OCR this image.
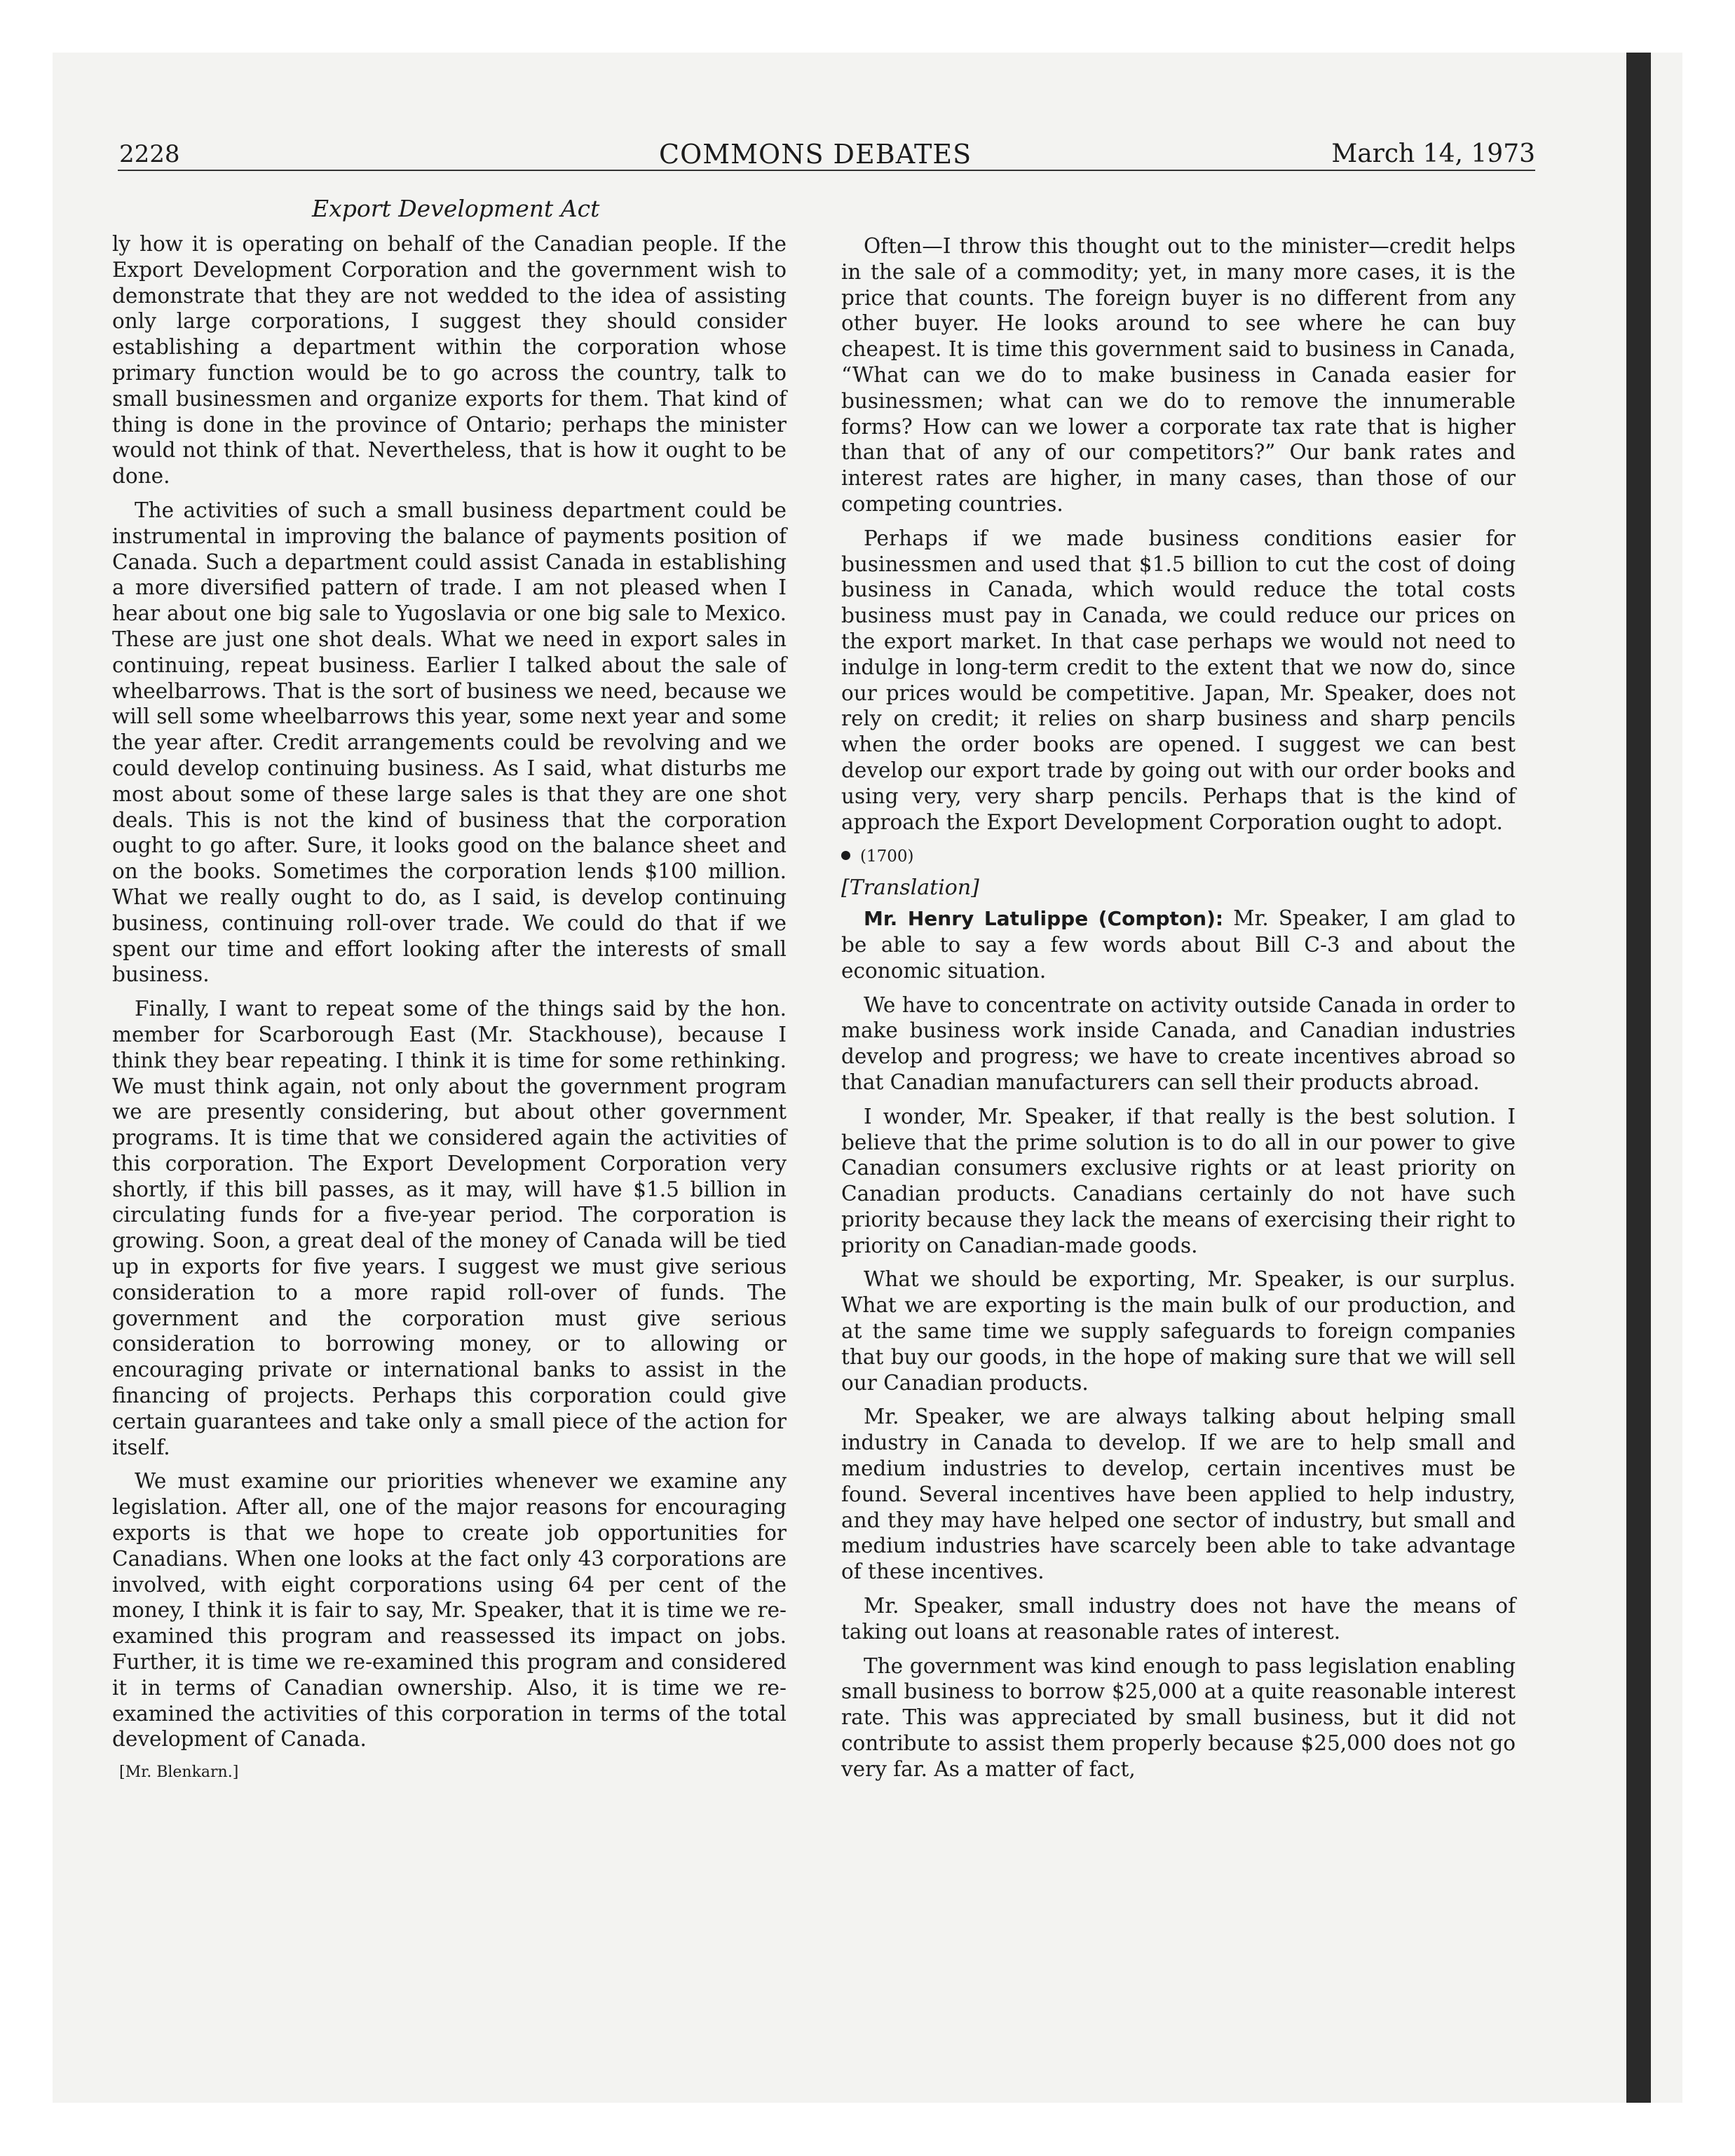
2228	COMMONS DEBATES	March 14, 1973
Export Development Act

ly how it is operating on behalf of the Canadian people. If the Export Development Corporation and the government wish to demonstrate that they are not wedded to the idea of assisting only large corporations, I suggest they should consider establishing a department within the corporation whose primary function would be to go across the country, talk to small businessmen and organize exports for them. That kind of thing is done in the province of Ontario; perhaps the minister would not think of that. Nevertheless, that is how it ought to be done.

The activities of such a small business department could be instrumental in improving the balance of payments position of Canada. Such a department could assist Canada in establishing a more diversified pattern of trade. I am not pleased when I hear about one big sale to Yugoslavia or one big sale to Mexico. These are just one shot deals. What we need in export sales in continuing, repeat business. Earlier I talked about the sale of wheelbarrows. That is the sort of business we need, because we will sell some wheelbarrows this year, some next year and some the year after. Credit arrangements could be revolving and we could develop continuing business. As I said, what disturbs me most about some of these large sales is that they are one shot deals. This is not the kind of business that the corporation ought to go after. Sure, it looks good on the balance sheet and on the books. Sometimes the corporation lends $100 million. What we really ought to do, as I said, is develop continuing business, continuing roll-over trade. We could do that if we spent our time and effort looking after the interests of small business.

Finally, I want to repeat some of the things said by the hon. member for Scarborough East (Mr. Stackhouse), because I think they bear repeating. I think it is time for some rethinking. We must think again, not only about the government program we are presently considering, but about other government programs. It is time that we considered again the activities of this corporation. The Export Development Corporation very shortly, if this bill passes, as it may, will have $1.5 billion in circulating funds for a five-year period. The corporation is growing. Soon, a great deal of the money of Canada will be tied up in exports for five years. I suggest we must give serious consideration to a more rapid roll-over of funds. The government and the corporation must give serious consideration to borrowing money, or to allowing or encouraging private or international banks to assist in the financing of projects. Perhaps this corporation could give certain guarantees and take only a small piece of the action for itself.

We must examine our priorities whenever we examine any legislation. After all, one of the major reasons for encouraging exports is that we hope to create job opportunities for Canadians. When one looks at the fact only 43 corporations are involved, with eight corporations using 64 per cent of the money, I think it is fair to say, Mr. Speaker, that it is time we re-examined this program and reassessed its impact on jobs. Further, it is time we re-examined this program and considered it in terms of Canadian ownership. Also, it is time we re-examined the activities of this corporation in terms of the total development of Canada.

[Mr. Blenkarn.]

Often—I throw this thought out to the minister—credit helps in the sale of a commodity; yet, in many more cases, it is the price that counts. The foreign buyer is no different from any other buyer. He looks around to see where he can buy cheapest. It is time this government said to business in Canada, “What can we do to make business in Canada easier for businessmen; what can we do to remove the innumerable forms? How can we lower a corporate tax rate that is higher than that of any of our competitors?” Our bank rates and interest rates are higher, in many cases, than those of our competing countries.

Perhaps if we made business conditions easier for businessmen and used that $1.5 billion to cut the cost of doing business in Canada, which would reduce the total costs business must pay in Canada, we could reduce our prices on the export market. In that case perhaps we would not need to indulge in long-term credit to the extent that we now do, since our prices would be competitive. Japan, Mr. Speaker, does not rely on credit; it relies on sharp business and sharp pencils when the order books are opened. I suggest we can best develop our export trade by going out with our order books and using very, very sharp pencils. Perhaps that is the kind of approach the Export Development Corporation ought to adopt.

(1700)
[Translation]

Mr. Henry Latulippe (Compton): Mr. Speaker, I am glad to be able to say a few words about Bill C-3 and about the economic situation.

We have to concentrate on activity outside Canada in order to make business work inside Canada, and Canadian industries develop and progress; we have to create incentives abroad so that Canadian manufacturers can sell their products abroad.

I wonder, Mr. Speaker, if that really is the best solution. I believe that the prime solution is to do all in our power to give Canadian consumers exclusive rights or at least priority on Canadian products. Canadians certainly do not have such priority because they lack the means of exercising their right to priority on Canadian-made goods.

What we should be exporting, Mr. Speaker, is our surplus. What we are exporting is the main bulk of our production, and at the same time we supply safeguards to foreign companies that buy our goods, in the hope of making sure that we will sell our Canadian products.

Mr. Speaker, we are always talking about helping small industry in Canada to develop. If we are to help small and medium industries to develop, certain incentives must be found. Several incentives have been applied to help industry, and they may have helped one sector of industry, but small and medium industries have scarcely been able to take advantage of these incentives.

Mr. Speaker, small industry does not have the means of taking out loans at reasonable rates of interest.

The government was kind enough to pass legislation enabling small business to borrow $25,000 at a quite reasonable interest rate. This was appreciated by small business, but it did not contribute to assist them properly because $25,000 does not go very far. As a matter of fact,
